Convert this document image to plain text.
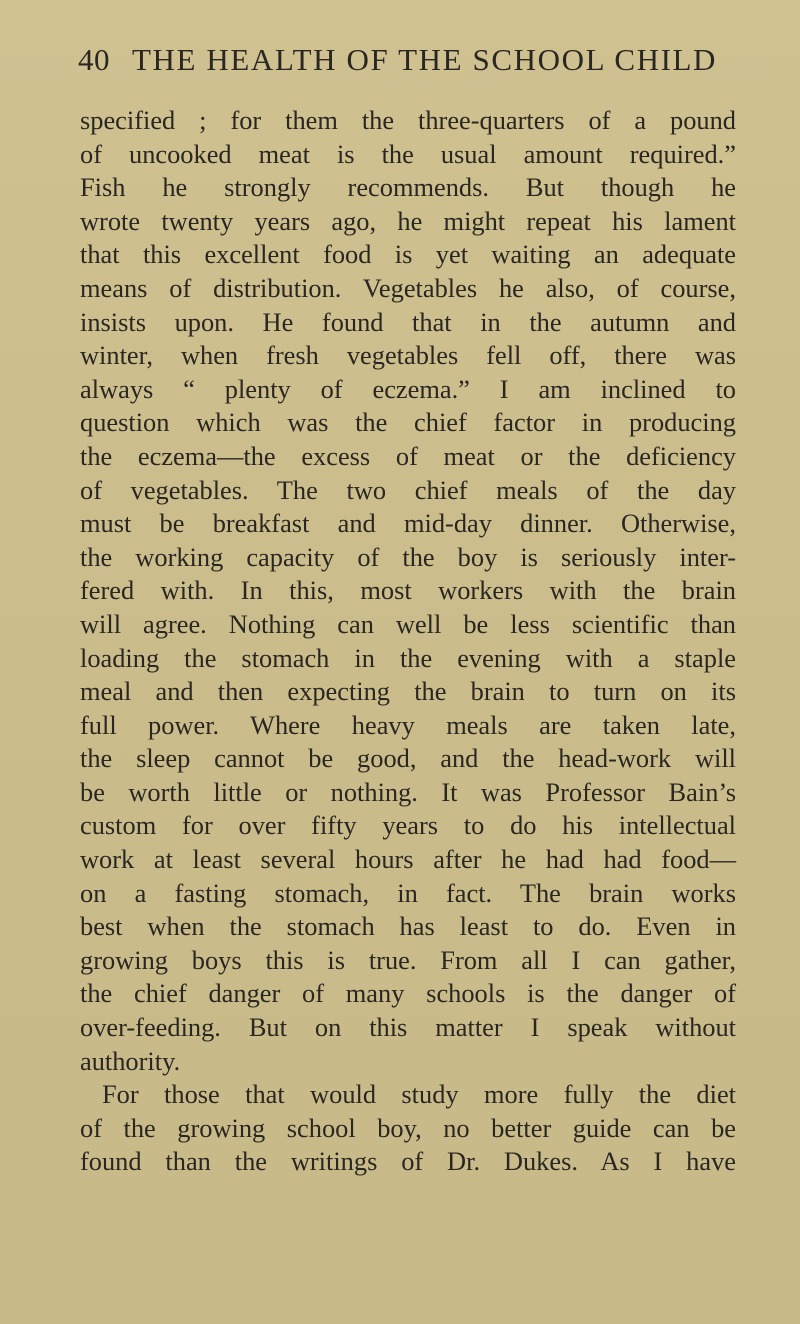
40 THE HEALTH OF THE SCHOOL CHILD
specified ; for them the three-quarters of a pound
of uncooked meat is the usual amount required.”
Fish he strongly recommends. But though he
wrote twenty years ago, he might repeat his lament
that this excellent food is yet waiting an adequate
means of distribution. Vegetables he also, of course,
insists upon. He found that in the autumn and
winter, when fresh vegetables fell off, there was
always “ plenty of eczema.” I am inclined to
question which was the chief factor in producing
the eczema—the excess of meat or the deficiency
of vegetables. The two chief meals of the day
must be breakfast and mid-day dinner. Otherwise,
the working capacity of the boy is seriously inter-
fered with. In this, most workers with the brain
will agree. Nothing can well be less scientific than
loading the stomach in the evening with a staple
meal and then expecting the brain to turn on its
full power. Where heavy meals are taken late,
the sleep cannot be good, and the head-work will
be worth little or nothing. It was Professor Bain’s
custom for over fifty years to do his intellectual
work at least several hours after he had had food—
on a fasting stomach, in fact. The brain works
best when the stomach has least to do. Even in
growing boys this is true. From all I can gather,
the chief danger of many schools is the danger of
over-feeding. But on this matter I speak without
authority.
For those that would study more fully the diet
of the growing school boy, no better guide can be
found than the writings of Dr. Dukes. As I have
